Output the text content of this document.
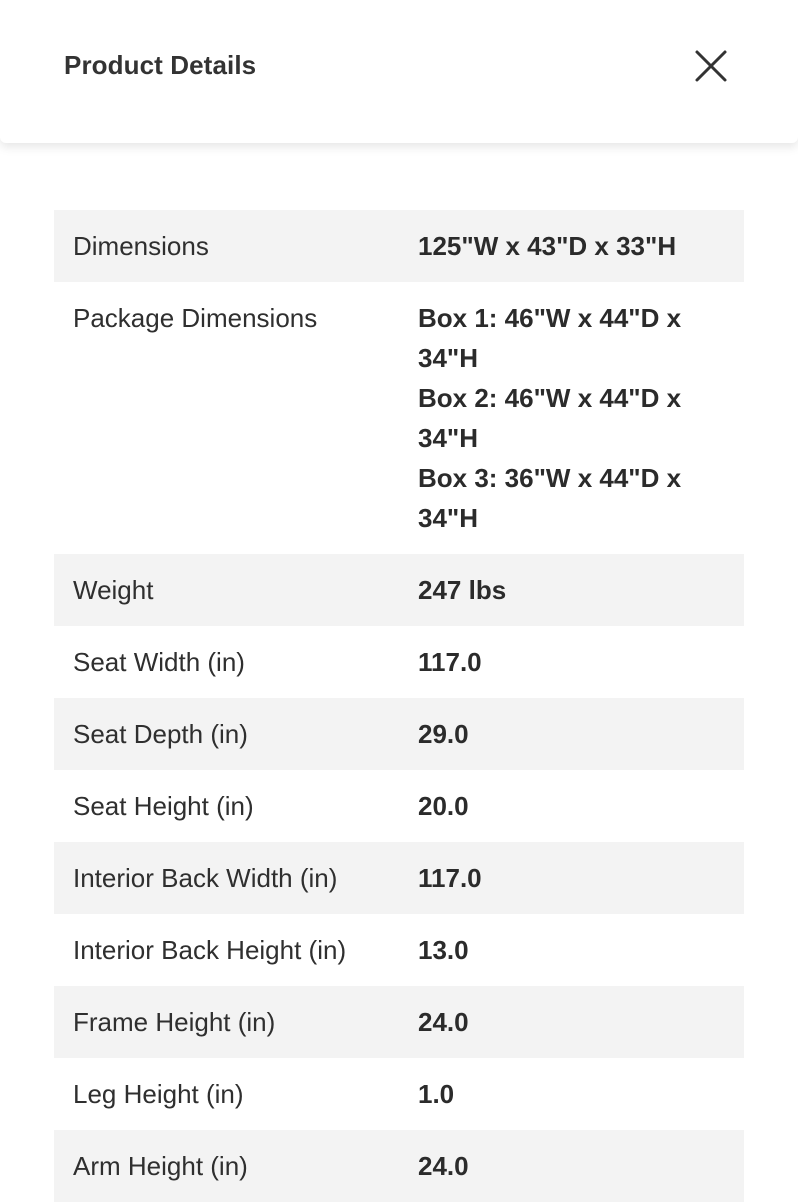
Product Details
Dimensions	125"W x 43"D x 33"H
Package Dimensions	Box 1: 46"W x 44"D x
34"H
Box 2: 46"W x 44"D x
34"H
Box 3: 36"W x 44"D x
34"H
Weight	247 lbs
Seat Width (in)	117.0
Seat Depth (in)	29.0
Seat Height (in)	20.0
Interior Back Width (in)	117.0
Interior Back Height (in)	13.0
Frame Height (in)	24.0
Leg Height (in)	1.0
Arm Height (in)	24.0
